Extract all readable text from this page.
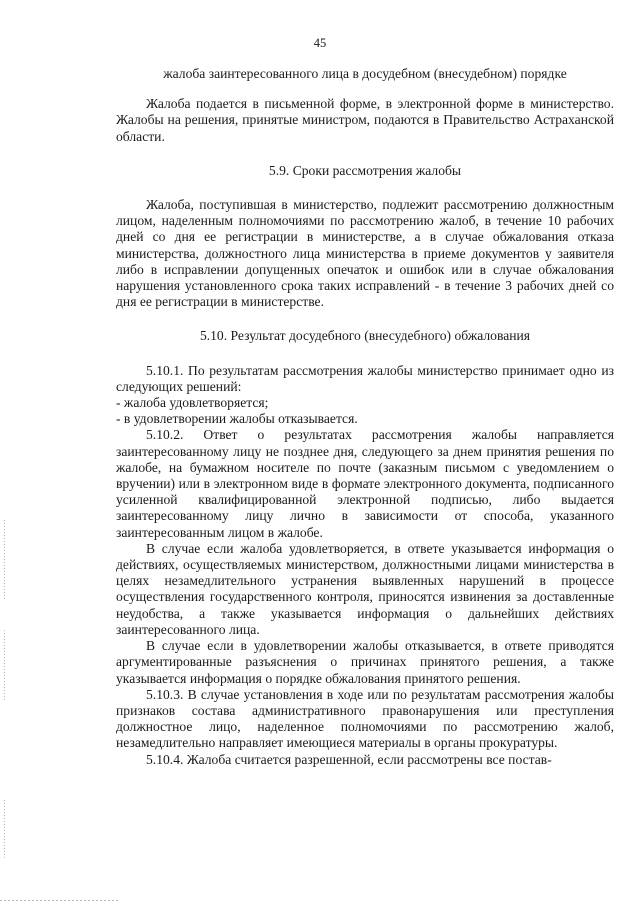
45

жалоба заинтересованного лица в досудебном (внесудебном) порядке

Жалоба подается в письменной форме, в электронной форме в министерство. Жалобы на решения, принятые министром, подаются в Правительство Астраханской области.

5.9. Сроки рассмотрения жалобы

Жалоба, поступившая в министерство, подлежит рассмотрению должностным лицом, наделенным полномочиями по рассмотрению жалоб, в течение 10 рабочих дней со дня ее регистрации в министерстве, а в случае обжалования отказа министерства, должностного лица министерства в приеме документов у заявителя либо в исправлении допущенных опечаток и ошибок или в случае обжалования нарушения установленного срока таких исправлений - в течение 3 рабочих дней со дня ее регистрации в министерстве.

5.10. Результат досудебного (внесудебного) обжалования

5.10.1. По результатам рассмотрения жалобы министерство принимает одно из следующих решений:

- жалоба удовлетворяется;

- в удовлетворении жалобы отказывается.

5.10.2. Ответ о результатах рассмотрения жалобы направляется заинтересованному лицу не позднее дня, следующего за днем принятия решения по жалобе, на бумажном носителе по почте (заказным письмом с уведомлением о вручении) или в электронном виде в формате электронного документа, подписанного усиленной квалифицированной электронной подписью, либо выдается заинтересованному лицу лично в зависимости от способа, указанного заинтересованным лицом в жалобе.

В случае если жалоба удовлетворяется, в ответе указывается информация о действиях, осуществляемых министерством, должностными лицами министерства в целях незамедлительного устранения выявленных нарушений в процессе осуществления государственного контроля, приносятся извинения за доставленные неудобства, а также указывается информация о дальнейших действиях заинтересованного лица.

В случае если в удовлетворении жалобы отказывается, в ответе приводятся аргументированные разъяснения о причинах принятого решения, а также указывается информация о порядке обжалования принятого решения.

5.10.3. В случае установления в ходе или по результатам рассмотрения жалобы признаков состава административного правонарушения или преступления должностное лицо, наделенное полномочиями по рассмотрению жалоб, незамедлительно направляет имеющиеся материалы в органы прокуратуры.

5.10.4. Жалоба считается разрешенной, если рассмотрены все постав-
